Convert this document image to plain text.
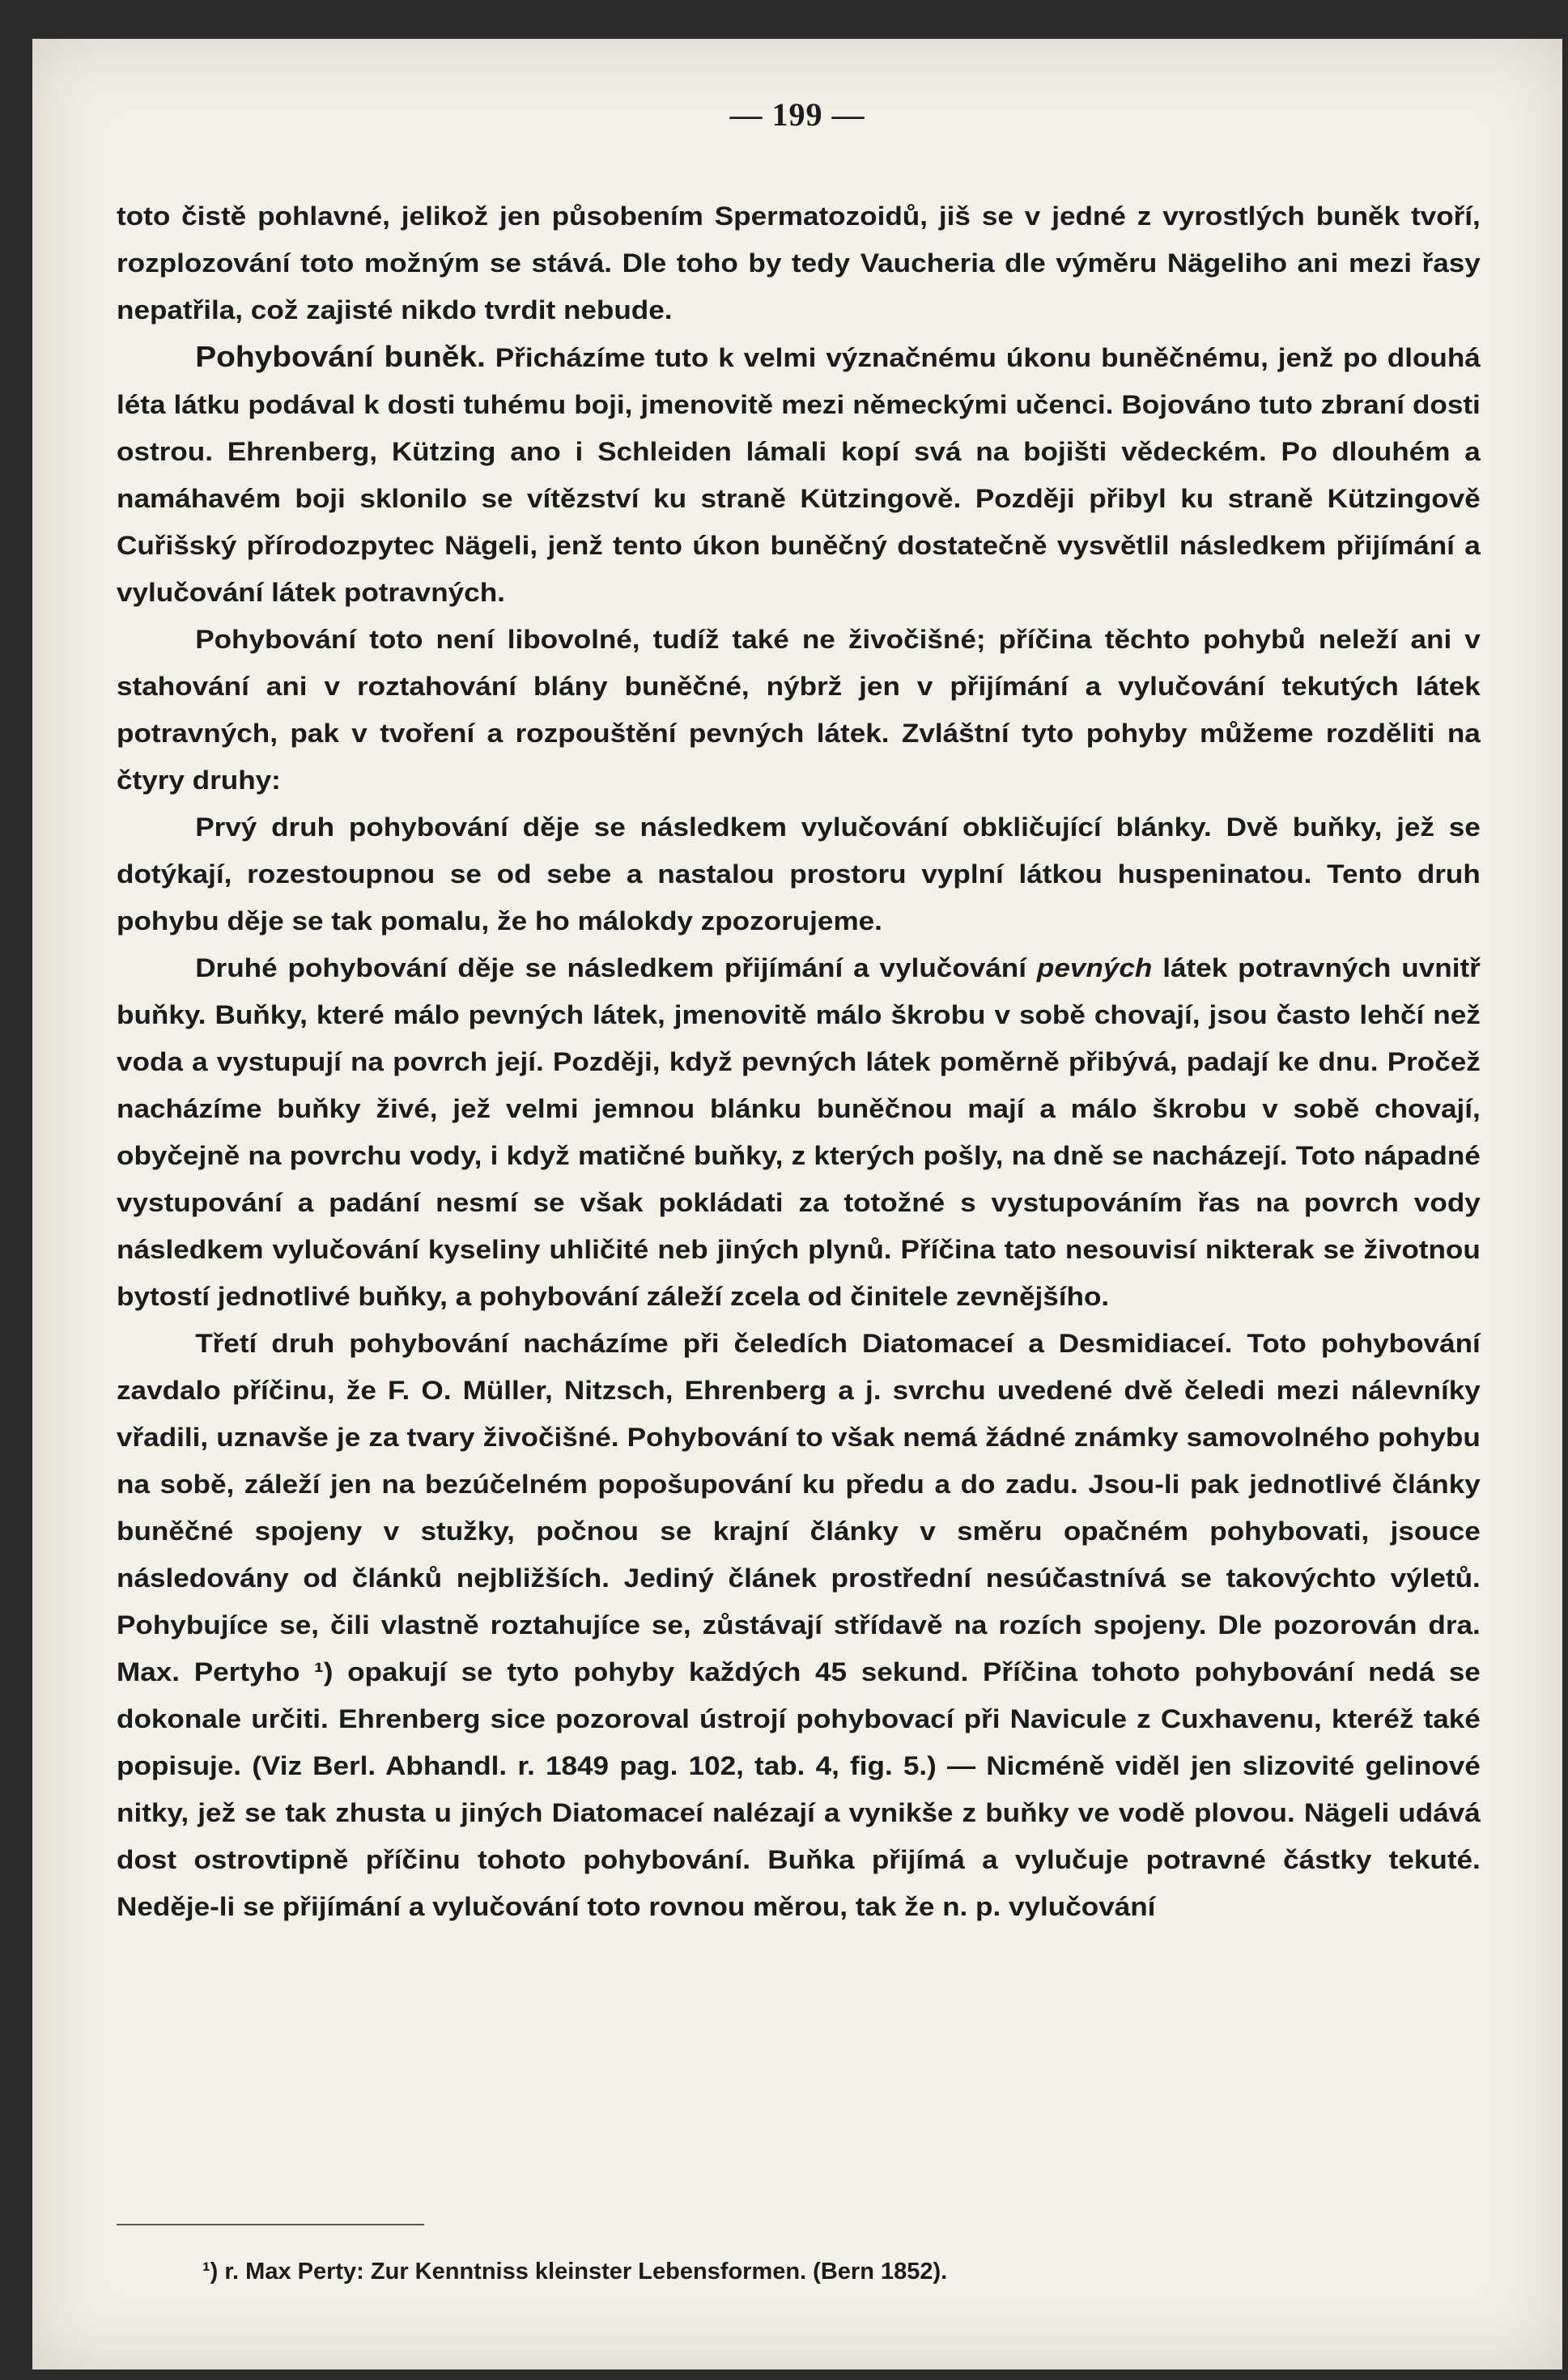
— 199 —

toto čistě pohlavné, jelikož jen působením Spermatozoidů, jiš se v jedné z vyrostlých buněk tvoří, rozplozování toto možným se stává. Dle toho by tedy Vaucheria dle výměru Nägeliho ani mezi řasy nepatřila, což zajisté nikdo tvrdit nebude.

Pohybování buněk. Přicházíme tuto k velmi význačnému úkonu buněčnému, jenž po dlouhá léta látku podával k dosti tuhému boji, jmenovitě mezi německými učenci. Bojováno tuto zbraní dosti ostrou. Ehrenberg, Kützing ano i Schleiden lámali kopí svá na bojišti vědeckém. Po dlouhém a namáhavém boji sklonilo se vítězství ku straně Kützingově. Později přibyl ku straně Kützingově Cuřišský přírodozpytec Nägeli, jenž tento úkon buněčný dostatečně vysvětlil následkem přijímání a vylučování látek potravných.

Pohybování toto není libovolné, tudíž také ne živočišné; příčina těchto pohybů neleží ani v stahování ani v roztahování blány buněčné, nýbrž jen v přijímání a vylučování tekutých látek potravných, pak v tvoření a rozpouštění pevných látek. Zvláštní tyto pohyby můžeme rozděliti na čtyry druhy:

Prvý druh pohybování děje se následkem vylučování obkličující blánky. Dvě buňky, jež se dotýkají, rozestoupnou se od sebe a nastalou prostoru vyplní látkou huspeninatou. Tento druh pohybu děje se tak pomalu, že ho málokdy zpozorujeme.

Druhé pohybování děje se následkem přijímání a vylučování pevných látek potravných uvnitř buňky. Buňky, které málo pevných látek, jmenovitě málo škrobu v sobě chovají, jsou často lehčí než voda a vystupují na povrch její. Později, když pevných látek poměrně přibývá, padají ke dnu. Pročež nacházíme buňky živé, jež velmi jemnou blánku buněčnou mají a málo škrobu v sobě chovají, obyčejně na povrchu vody, i když matičné buňky, z kterých pošly, na dně se nacházejí. Toto nápadné vystupování a padání nesmí se však pokládati za totožné s vystupováním řas na povrch vody následkem vylučování kyseliny uhličité neb jiných plynů. Příčina tato nesouvisí nikterak se životnou bytostí jednotlivé buňky, a pohybování záleží zcela od činitele zevnějšího.

Třetí druh pohybování nacházíme při čeledích Diatomaceí a Desmidiaceí. Toto pohybování zavdalo příčinu, že F. O. Müller, Nitzsch, Ehrenberg a j. svrchu uvedené dvě čeledi mezi nálevníky vřadili, uznavše je za tvary živočišné. Pohybování to však nemá žádné známky samovolného pohybu na sobě, záleží jen na bezúčelném popošupování ku předu a do zadu. Jsou-li pak jednotlivé články buněčné spojeny v stužky, počnou se krajní články v směru opačném pohybovati, jsouce následovány od článků nejbližších. Jediný článek prostřední nesúčastnívá se takovýchto výletů. Pohybujíce se, čili vlastně roztahujíce se, zůstávají střídavě na rozích spojeny. Dle pozorován dra. Max. Pertyho ¹) opakují se tyto pohyby každých 45 sekund. Příčina tohoto pohybování nedá se dokonale určiti. Ehrenberg sice pozoroval ústrojí pohybovací při Navicule z Cuxhavenu, kteréž také popisuje. (Viz Berl. Abhandl. r. 1849 pag. 102, tab. 4, fig. 5.) — Nicméně viděl jen slizovité gelinové nitky, jež se tak zhusta u jiných Diatomaceí nalézají a vynikše z buňky ve vodě plovou. Nägeli udává dost ostrovtipně příčinu tohoto pohybování. Buňka přijímá a vylučuje potravné částky tekuté. Neděje-li se přijímání a vylučování toto rovnou měrou, tak že n. p. vylučování

¹) r. Max Perty: Zur Kenntniss kleinster Lebensformen. (Bern 1852).
